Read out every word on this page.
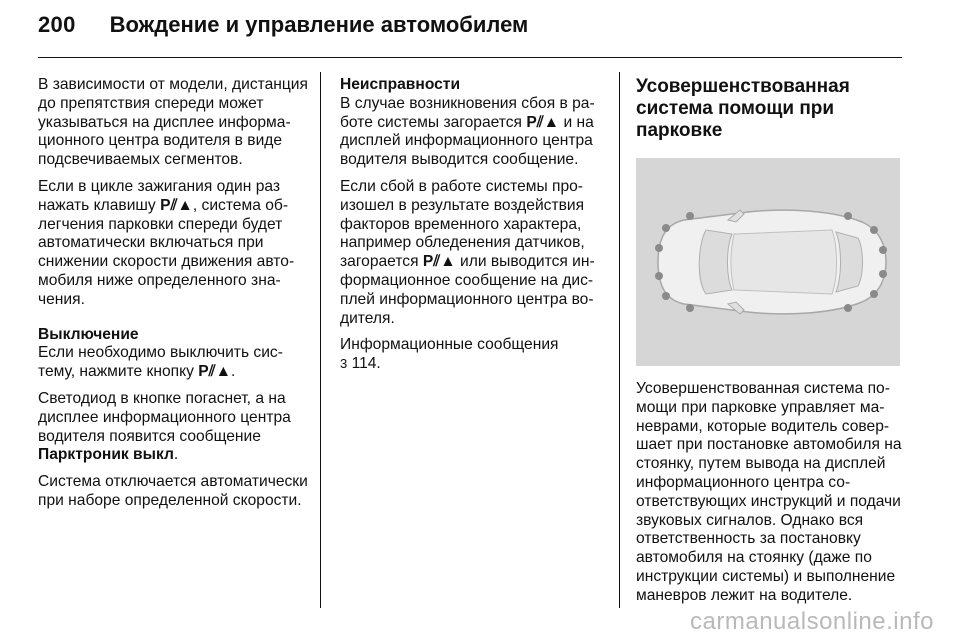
200 Вождение и управление автомобилем

В зависимости от модели, дистанция до препятствия спереди может указываться на дисплее информационного центра водителя в виде подсвечиваемых сегментов.

Если в цикле зажигания один раз нажать клавишу P⫽▲, система облегчения парковки спереди будет автоматически включаться при снижении скорости движения автомобиля ниже определенного значения.

Выключение

Если необходимо выключить систему, нажмите кнопку P⫽▲.

Светодиод в кнопке погаснет, а на дисплее информационного центра водителя появится сообщение Парктроник выкл.

Система отключается автоматически при наборе определенной скорости.

Неисправности

В случае возникновения сбоя в работе системы загорается P⫽▲ и на дисплей информационного центра водителя выводится сообщение.

Если сбой в работе системы произошел в результате воздействия факторов временного характера, например обледенения датчиков, загорается P⫽▲ или выводится информационное сообщение на дисплей информационного центра водителя.

Информационные сообщения
3 114.

Усовершенствованная система помощи при парковке

Усовершенствованная система помощи при парковке управляет маневрами, которые водитель совершает при постановке автомобиля на стоянку, путем вывода на дисплей информационного центра соответствующих инструкций и подачи звуковых сигналов. Однако вся ответственность за постановку автомобиля на стоянку (даже по инструкции системы) и выполнение маневров лежит на водителе.

carmanualsonline.info
